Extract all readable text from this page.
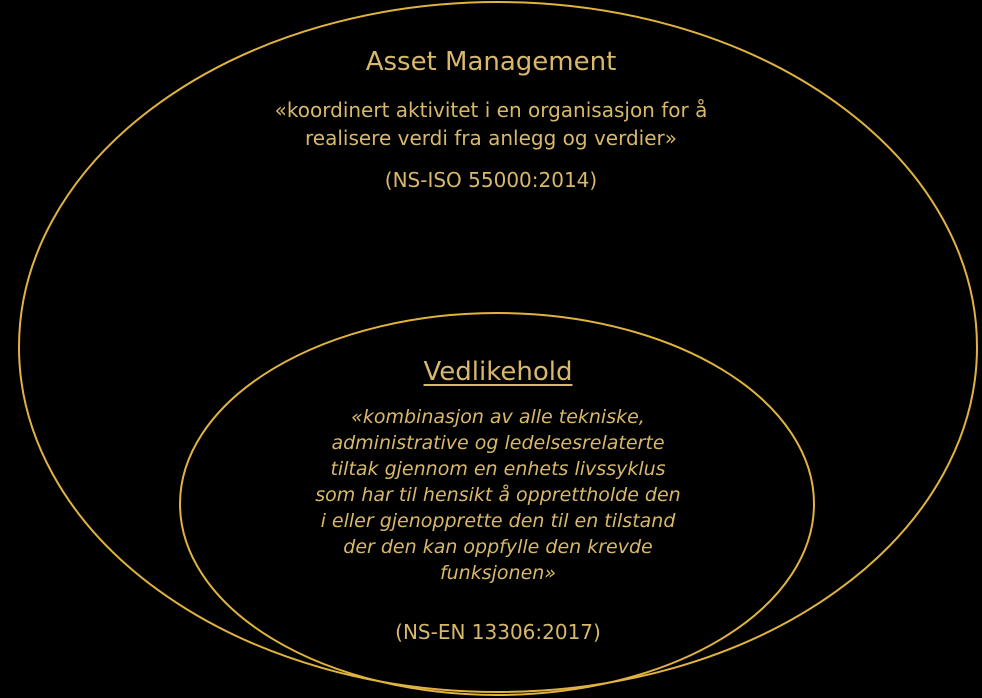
Asset Management
«koordinert aktivitet i en organisasjon for å
realisere verdi fra anlegg og verdier»
(NS-ISO 55000:2014)
Vedlikehold
«kombinasjon av alle tekniske,
administrative og ledelsesrelaterte
tiltak gjennom en enhets livssyklus
som har til hensikt å opprettholde den
i eller gjenopprette den til en tilstand
der den kan oppfylle den krevde
funksjonen»
(NS-EN 13306:2017)
